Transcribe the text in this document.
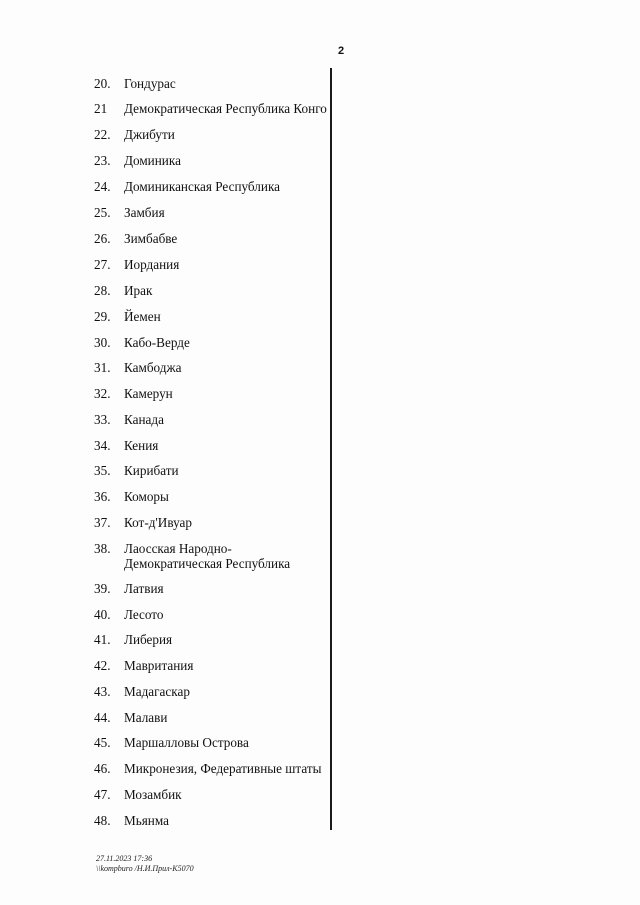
2
20.	Гондурас
21	Демократическая Республика Конго
22.	Джибути
23.	Доминика
24.	Доминиканская Республика
25.	Замбия
26.	Зимбабве
27.	Иордания
28.	Ирак
29.	Йемен
30.	Кабо-Верде
31.	Камбоджа
32.	Камерун
33.	Канада
34.	Кения
35.	Кирибати
36.	Коморы
37.	Кот-д'Ивуар
38.	Лаосская Народно-Демократическая Республика
39.	Латвия
40.	Лесото
41.	Либерия
42.	Мавритания
43.	Мадагаскар
44.	Малави
45.	Маршалловы Острова
46.	Микронезия, Федеративные штаты
47.	Мозамбик
48.	Мьянма
27.11.2023 17:36
\\kompburo /Н.И.Прил-К5070
